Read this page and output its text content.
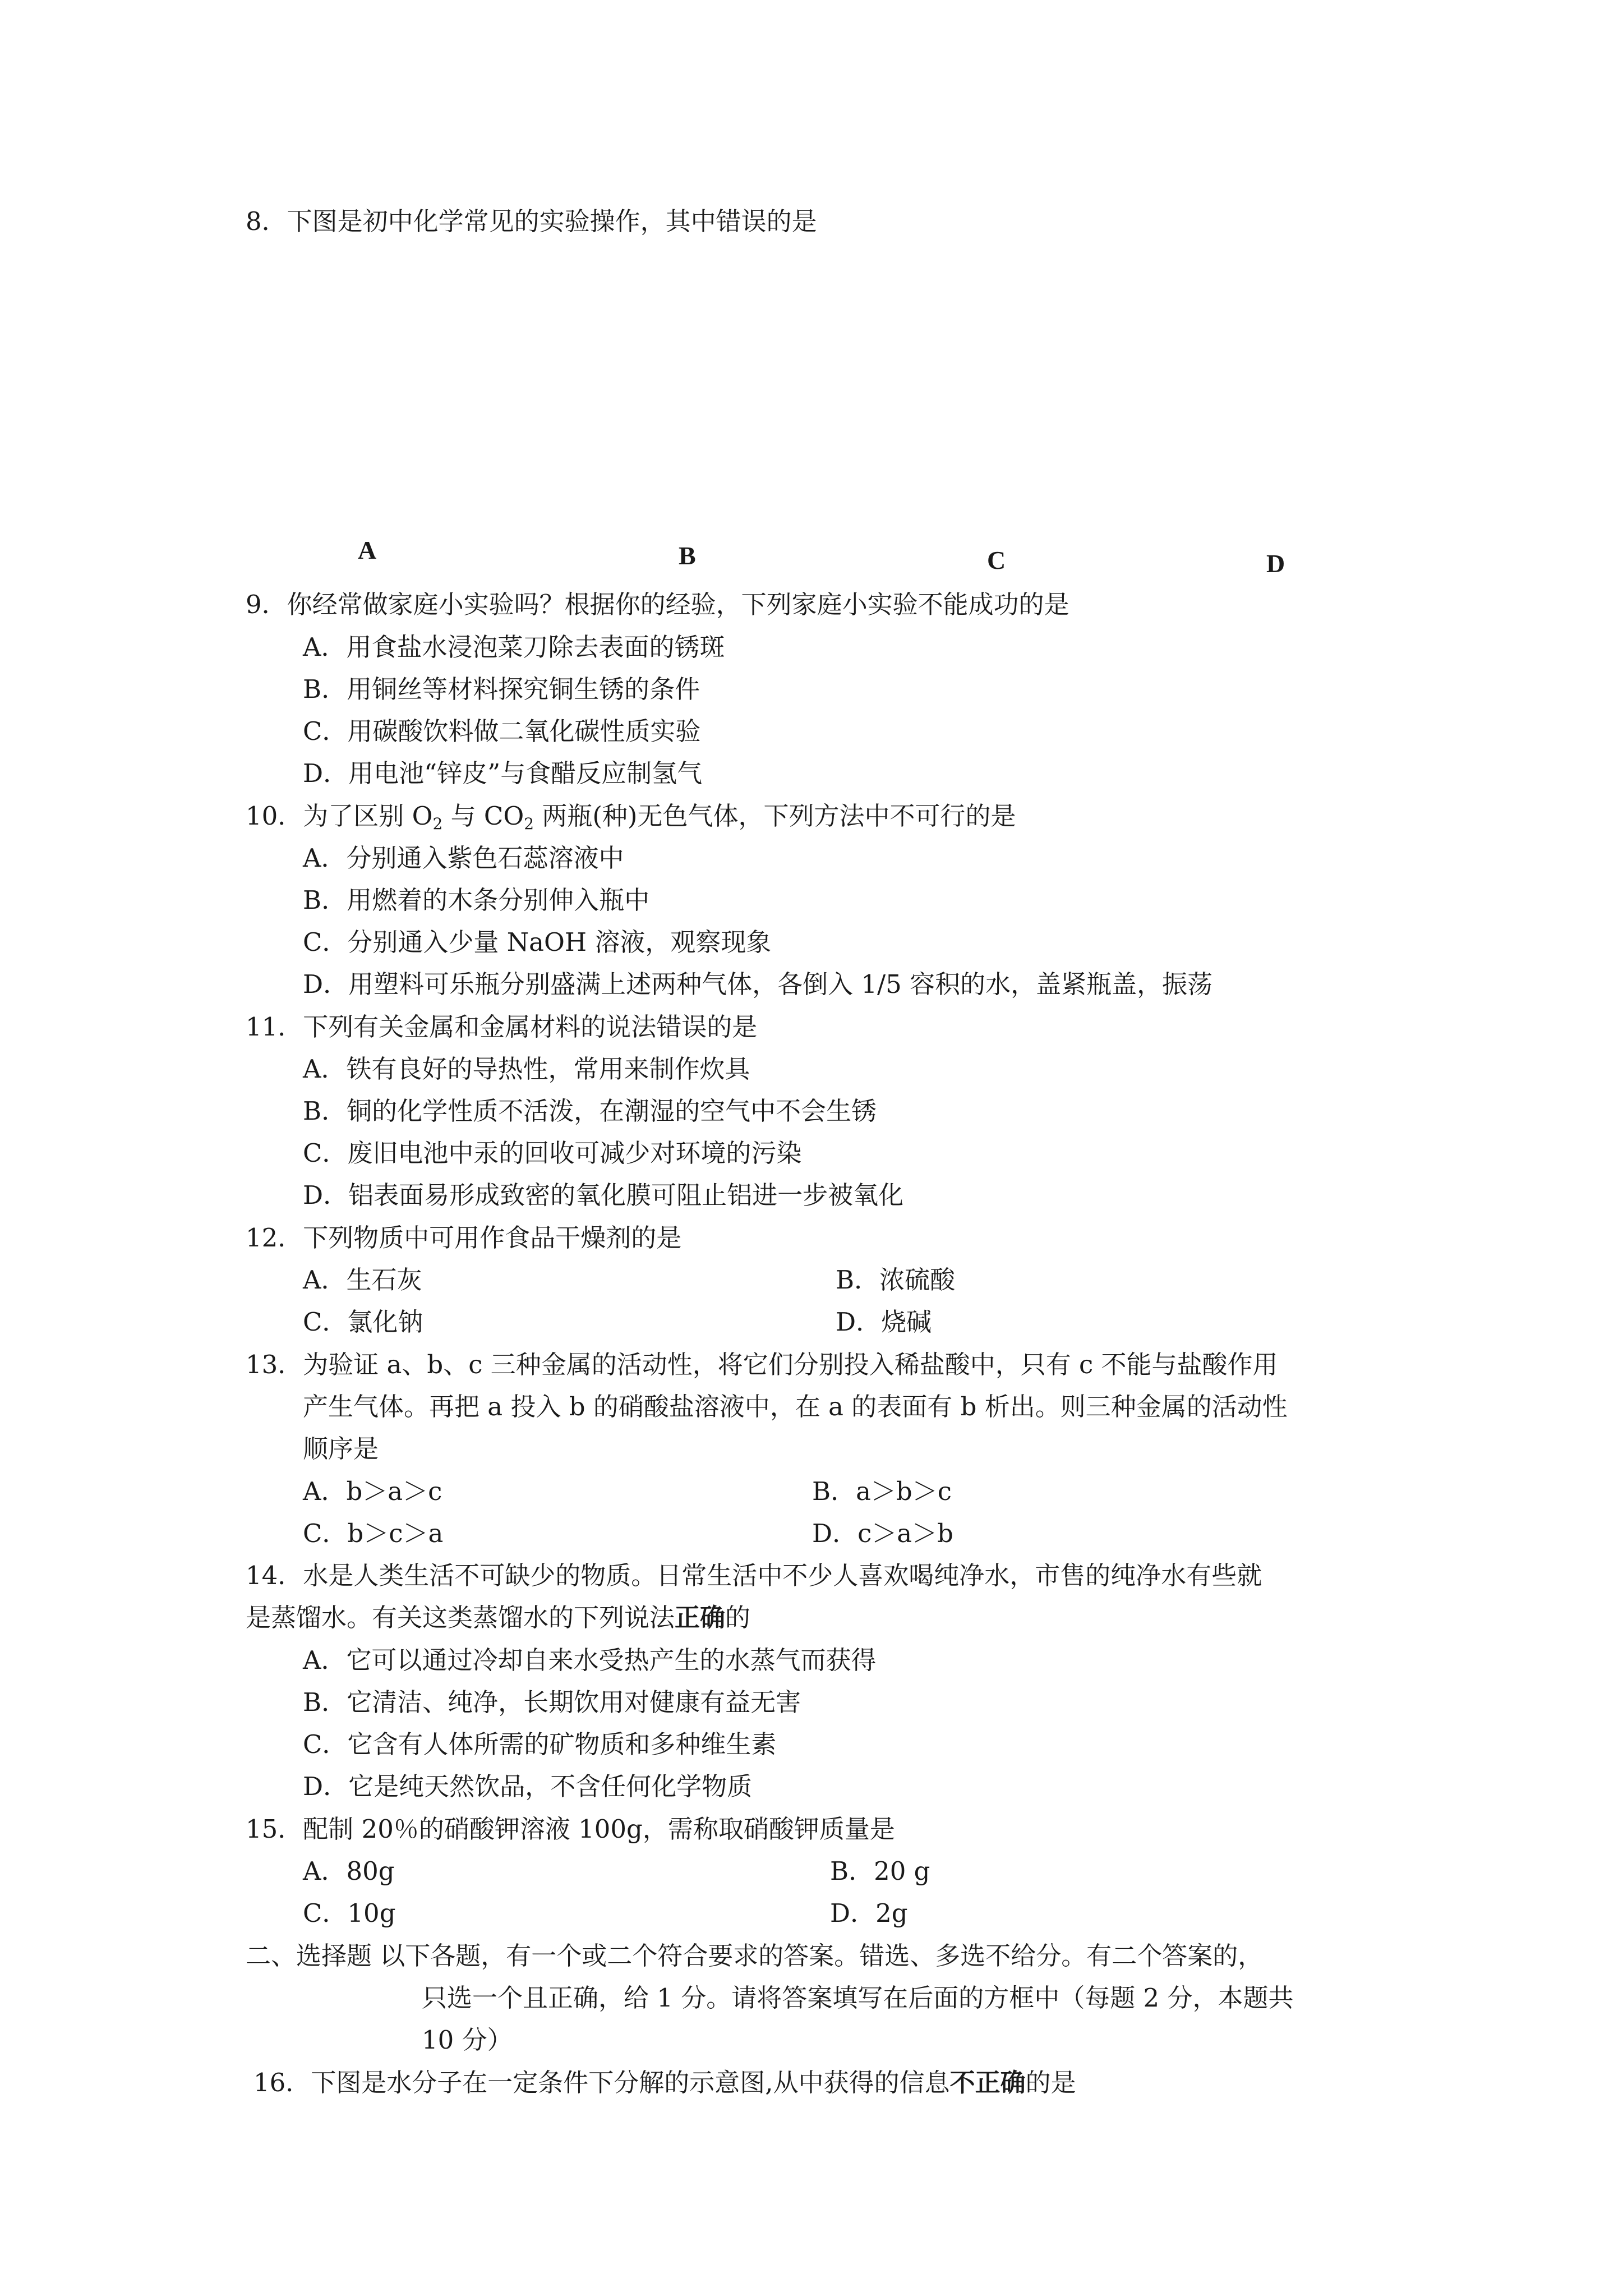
8．下图是初中化学常见的实验操作，其中错误的是
A	B	C	D
9．你经常做家庭小实验吗？根据你的经验，下列家庭小实验不能成功的是
A．用食盐水浸泡菜刀除去表面的锈斑
B．用铜丝等材料探究铜生锈的条件
C．用碳酸饮料做二氧化碳性质实验
D．用电池“锌皮”与食醋反应制氢气
10．为了区别 $O_2$ 与 $CO_2$ 两瓶(种)无色气体，下列方法中不可行的是
A．分别通入紫色石蕊溶液中
B．用燃着的木条分别伸入瓶中
C．分别通入少量 NaOH 溶液，观察现象
D．用塑料可乐瓶分别盛满上述两种气体，各倒入 1/5 容积的水，盖紧瓶盖，振荡
11．下列有关金属和金属材料的说法错误的是
A．铁有良好的导热性，常用来制作炊具
B．铜的化学性质不活泼，在潮湿的空气中不会生锈
C．废旧电池中汞的回收可减少对环境的污染
D．铝表面易形成致密的氧化膜可阻止铝进一步被氧化
12．下列物质中可用作食品干燥剂的是
A．生石灰	B．浓硫酸
C．氯化钠	D．烧碱
13．为验证 a、b、c 三种金属的活动性，将它们分别投入稀盐酸中，只有 c 不能与盐酸作用
产生气体。再把 a 投入 b 的硝酸盐溶液中，在 a 的表面有 b 析出。则三种金属的活动性
顺序是
A．b＞a＞c	B．a＞b＞c
C．b＞c＞a	D．c＞a＞b
14．水是人类生活不可缺少的物质。日常生活中不少人喜欢喝纯净水，市售的纯净水有些就
是蒸馏水。有关这类蒸馏水的下列说法正确的
A．它可以通过冷却自来水受热产生的水蒸气而获得
B．它清洁、纯净，长期饮用对健康有益无害
C．它含有人体所需的矿物质和多种维生素
D．它是纯天然饮品，不含任何化学物质
15．配制 20％的硝酸钾溶液 100g，需称取硝酸钾质量是
A．80g	B．20 g
C．10g	D．2g
二、选择题 以下各题，有一个或二个符合要求的答案。错选、多选不给分。有二个答案的，
只选一个且正确，给 1 分。请将答案填写在后面的方框中（每题 2 分，本题共
10 分）
16．下图是水分子在一定条件下分解的示意图,从中获得的信息不正确的是
